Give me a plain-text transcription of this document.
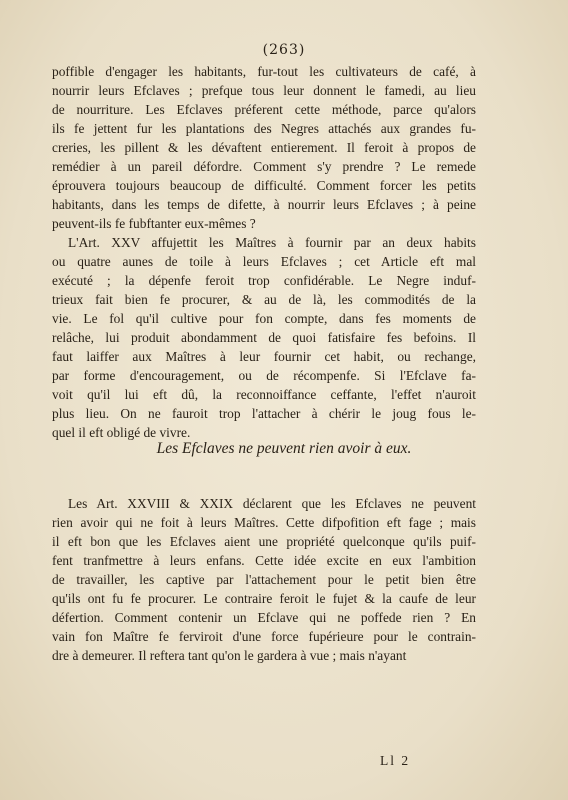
(263)
poffible d'engager les habitants, fur-tout les cultivateurs de café, à
nourrir leurs Efclaves ; prefque tous leur donnent le famedi, au lieu
de nourriture. Les Efclaves préferent cette méthode, parce qu'alors
ils fe jettent fur les plantations des Negres attachés aux grandes fu-
creries, les pillent & les dévaftent entierement. Il feroit à propos de
remédier à un pareil défordre. Comment s'y prendre ? Le remede
éprouvera toujours beaucoup de difficulté. Comment forcer les petits
habitants, dans les temps de difette, à nourrir leurs Efclaves ; à peine
peuvent-ils fe fubftanter eux-mêmes ?
L'Art. XXV affujettit les Maîtres à fournir par an deux habits
ou quatre aunes de toile à leurs Efclaves ; cet Article eft mal
exécuté ; la dépenfe feroit trop confidérable. Le Negre induf-
trieux fait bien fe procurer, & au de là, les commodités de la
vie. Le fol qu'il cultive pour fon compte, dans fes moments de
relâche, lui produit abondamment de quoi fatisfaire fes befoins. Il
faut laiffer aux Maîtres à leur fournir cet habit, ou rechange,
par forme d'encouragement, ou de récompenfe. Si l'Efclave fa-
voit qu'il lui eft dû, la reconnoiffance ceffante, l'effet n'auroit
plus lieu. On ne fauroit trop l'attacher à chérir le joug fous le-
quel il eft obligé de vivre.
Les Efclaves ne peuvent rien avoir à eux.
Les Art. XXVIII & XXIX déclarent que les Efclaves ne peuvent
rien avoir qui ne foit à leurs Maîtres. Cette difpofition eft fage ; mais
il eft bon que les Efclaves aient une propriété quelconque qu'ils puif-
fent tranfmettre à leurs enfans. Cette idée excite en eux l'ambition
de travailler, les captive par l'attachement pour le petit bien être
qu'ils ont fu fe procurer. Le contraire feroit le fujet & la caufe de leur
défertion. Comment contenir un Efclave qui ne poffede rien ? En
vain fon Maître fe ferviroit d'une force fupérieure pour le contrain-
dre à demeurer. Il reftera tant qu'on le gardera à vue ; mais n'ayant
Ll 2
